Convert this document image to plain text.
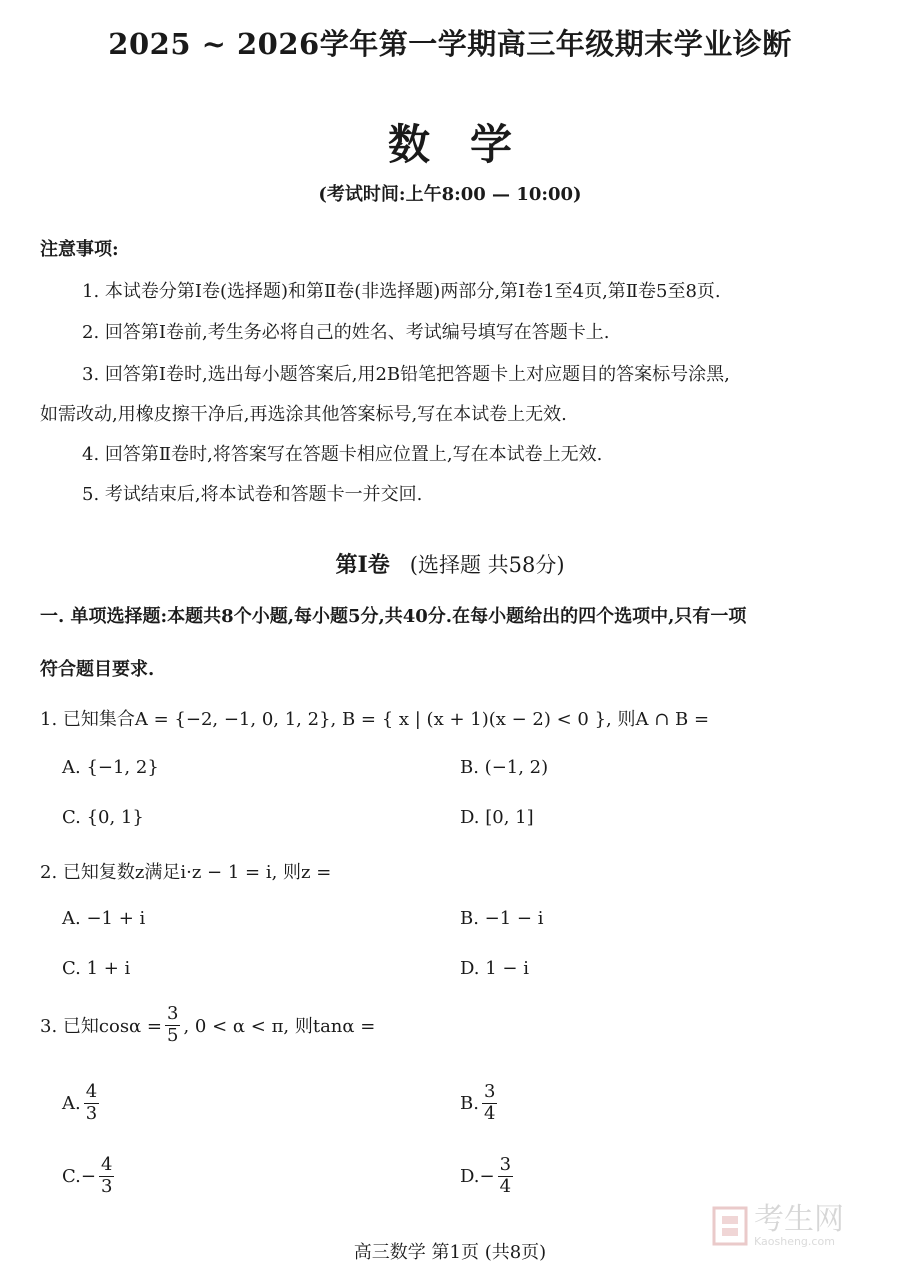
2025 ~ 2026学年第一学期高三年级期末学业诊断
数学
(考试时间:上午8:00 — 10:00)
注意事项:
1. 本试卷分第Ⅰ卷(选择题)和第Ⅱ卷(非选择题)两部分,第Ⅰ卷1至4页,第Ⅱ卷5至8页.
2. 回答第Ⅰ卷前,考生务必将自己的姓名、考试编号填写在答题卡上.
3. 回答第Ⅰ卷时,选出每小题答案后,用2B铅笔把答题卡上对应题目的答案标号涂黑,
如需改动,用橡皮擦干净后,再选涂其他答案标号,写在本试卷上无效.
4. 回答第Ⅱ卷时,将答案写在答题卡相应位置上,写在本试卷上无效.
5. 考试结束后,将本试卷和答题卡一并交回.
第Ⅰ卷 (选择题 共58分)
一. 单项选择题:本题共8个小题,每小题5分,共40分.在每小题给出的四个选项中,只有一项
符合题目要求.
1. 已知集合A = {−2, −1, 0, 1, 2}, B = { x | (x + 1)(x − 2) < 0 }, 则A ∩ B =
A. {−1, 2}	B. (−1, 2)
C. {0, 1}	D. [0, 1]
2. 已知复数z满足i·z − 1 = i, 则z =
A. −1 + i	B. −1 − i
C. 1 + i	D. 1 − i
3. 已知$\cos\alpha = \frac{3}{5}$ , 0 < α < π, 则tanα =
A. $\frac{4}{3}$	B. $\frac{3}{4}$
C. − $\frac{4}{3}$	D. − $\frac{3}{4}$
考生网
Kaosheng.com
高三数学 第1页 (共8页)
